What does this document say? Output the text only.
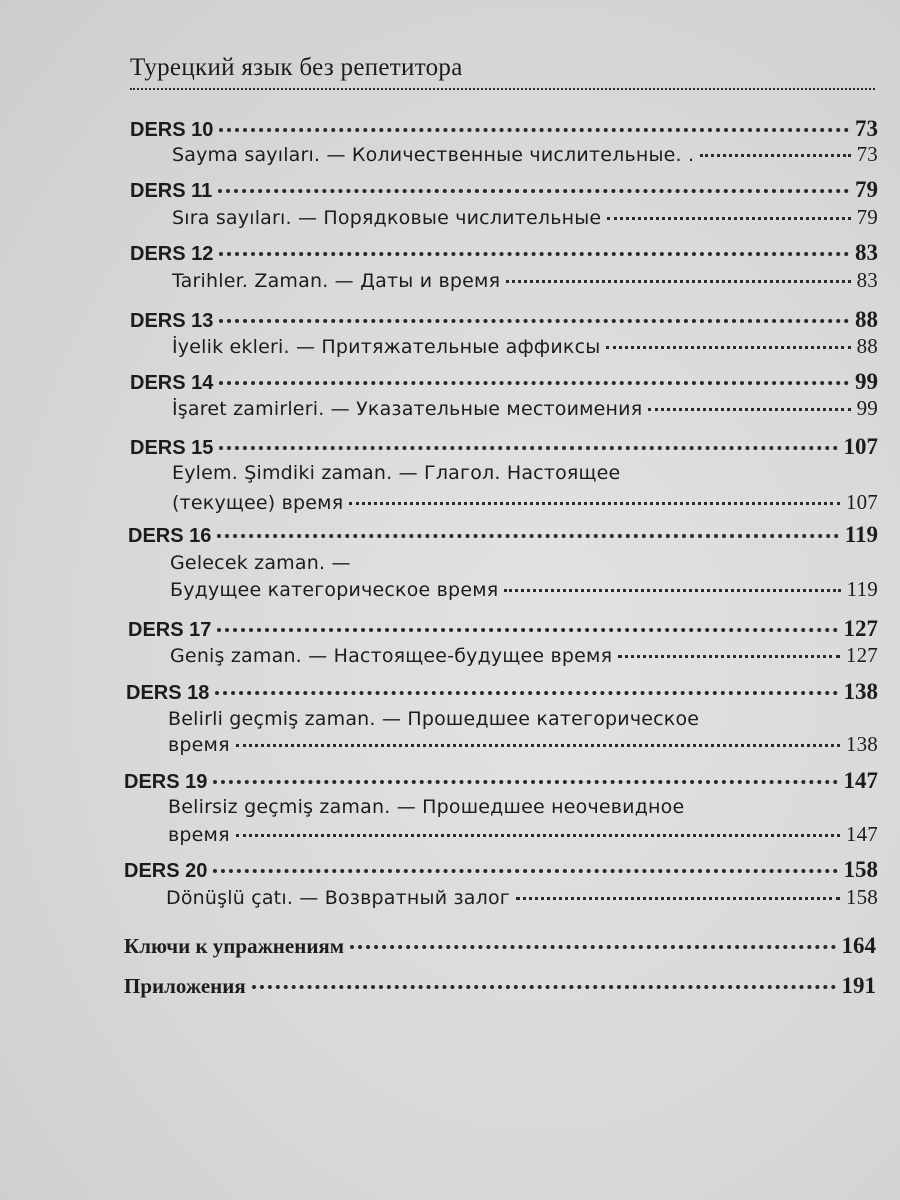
Турецкий язык без репетитора
DERS 10	73
Sayma sayıları. — Количественные числительные. .	73
DERS 11	79
Sıra sayıları. — Порядковые числительные	79
DERS 12	83
Tarihler. Zaman. — Даты и время	83
DERS 13	88
İyelik ekleri. — Притяжательные аффиксы	88
DERS 14	99
İşaret zamirleri. — Указательные местоимения	99
DERS 15	107
Eylem. Şimdiki zaman. — Глагол. Настоящее
(текущее) время	107
DERS 16	119
Gelecek zaman. —
Будущее категорическое время	119
DERS 17	127
Geniş zaman. — Настоящее-будущее время	127
DERS 18	138
Belirli geçmiş zaman. — Прошедшее категорическое
время	138
DERS 19	147
Belirsiz geçmiş zaman. — Прошедшее неочевидное
время	147
DERS 20	158
Dönüşlü çatı. — Возвратный залог	158
Ключи к упражнениям	164
Приложения	191
